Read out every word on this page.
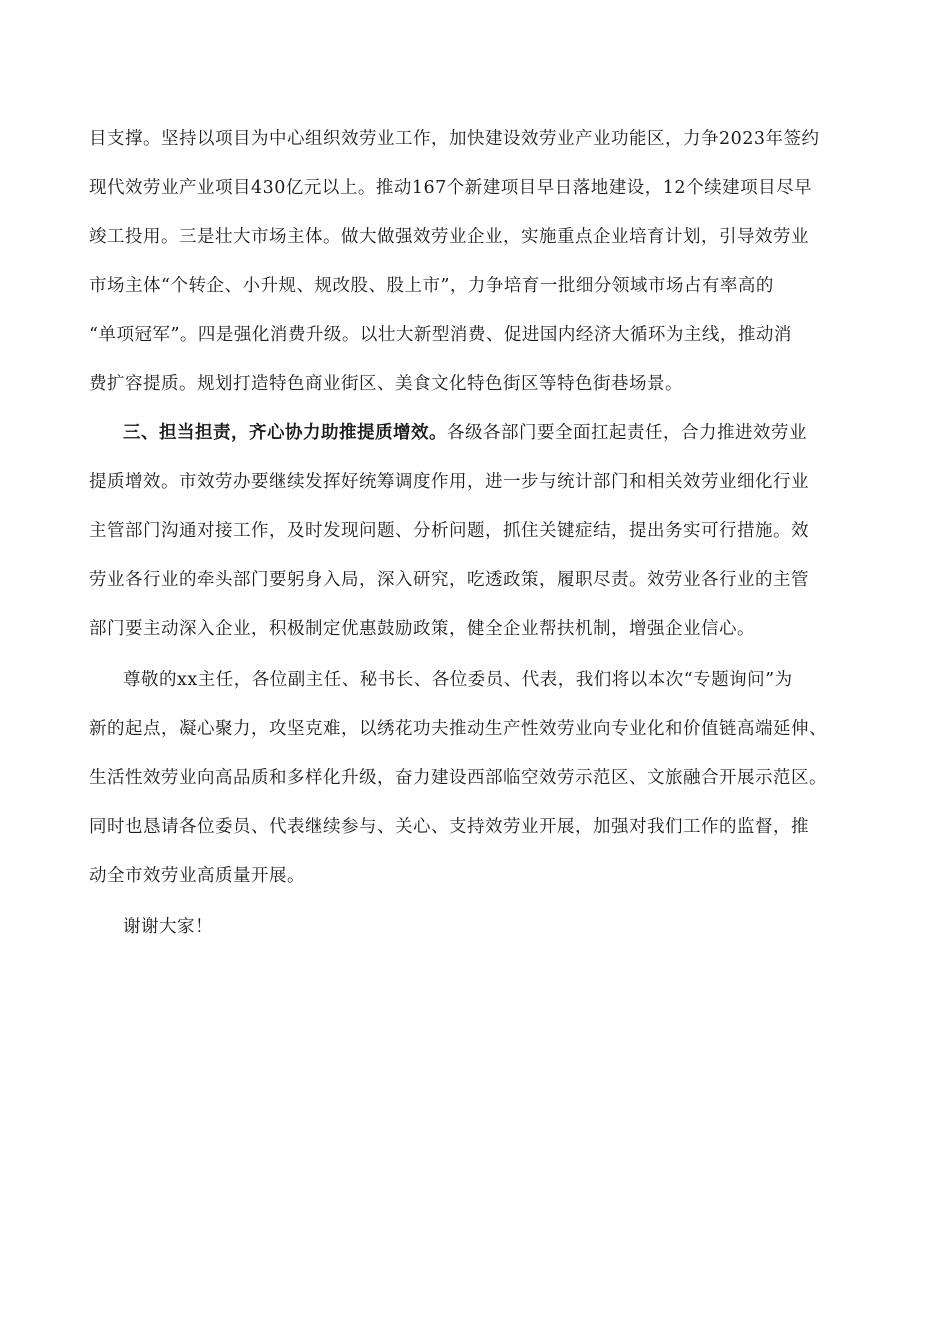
目支撑。坚持以项目为中心组织效劳业工作，加快建设效劳业产业功能区，力争2023年签约
现代效劳业产业项目430亿元以上。推动167个新建项目早日落地建设，12个续建项目尽早
竣工投用。三是壮大市场主体。做大做强效劳业企业，实施重点企业培育计划，引导效劳业
市场主体“个转企、小升规、规改股、股上市”，力争培育一批细分领域市场占有率高的
“单项冠军”。四是强化消费升级。以壮大新型消费、促进国内经济大循环为主线，推动消
费扩容提质。规划打造特色商业街区、美食文化特色街区等特色街巷场景。
三、担当担责，齐心协力助推提质增效。各级各部门要全面扛起责任，合力推进效劳业
提质增效。市效劳办要继续发挥好统筹调度作用，进一步与统计部门和相关效劳业细化行业
主管部门沟通对接工作，及时发现问题、分析问题，抓住关键症结，提出务实可行措施。效
劳业各行业的牵头部门要躬身入局，深入研究，吃透政策，履职尽责。效劳业各行业的主管
部门要主动深入企业，积极制定优惠鼓励政策，健全企业帮扶机制，增强企业信心。
尊敬的xx主任，各位副主任、秘书长、各位委员、代表，我们将以本次“专题询问”为
新的起点，凝心聚力，攻坚克难，以绣花功夫推动生产性效劳业向专业化和价值链高端延伸、
生活性效劳业向高品质和多样化升级，奋力建设西部临空效劳示范区、文旅融合开展示范区。
同时也恳请各位委员、代表继续参与、关心、支持效劳业开展，加强对我们工作的监督，推
动全市效劳业高质量开展。
谢谢大家！
